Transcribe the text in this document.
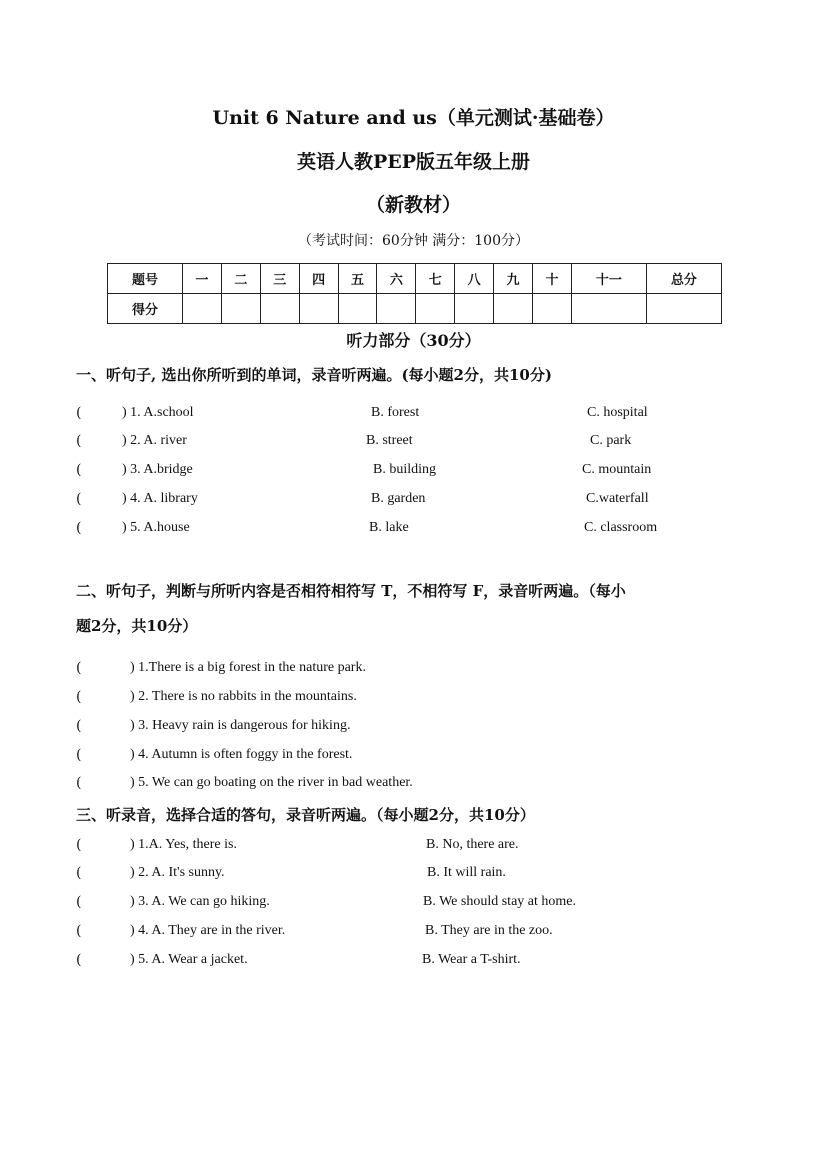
Unit 6 Nature and us（单元测试·基础卷）
英语人教PEP版五年级上册
（新教材）
（考试时间：60分钟 满分：100分）
题号	一	二	三	四	五	六	七	八	九	十	十一	总分
得分												
听力部分（30分）
一、听句子, 选出你所听到的单词，录音听两遍。(每小题2分，共10分)
(	) 1. A.school	B. forest	C. hospital
(	) 2. A. river	B. street	C. park
(	) 3. A.bridge	B. building	C. mountain
(	) 4. A. library	B. garden	C.waterfall
(	) 5. A.house	B. lake	C. classroom
二、听句子，判断与所听内容是否相符相符写 T，不相符写 F，录音听两遍。（每小
题2分，共10分）
(	) 1.There is a big forest in the nature park.
(	) 2. There is no rabbits in the mountains.
(	) 3. Heavy rain is dangerous for hiking.
(	) 4. Autumn is often foggy in the forest.
(	) 5. We can go boating on the river in bad weather.
三、听录音，选择合适的答句，录音听两遍。（每小题2分，共10分）
(	) 1.A. Yes, there is.	B. No, there are.
(	) 2. A. It's sunny.	B. It will rain.
(	) 3. A. We can go hiking.	B. We should stay at home.
(	) 4. A. They are in the river.	B. They are in the zoo.
(	) 5. A. Wear a jacket.	B. Wear a T-shirt.
